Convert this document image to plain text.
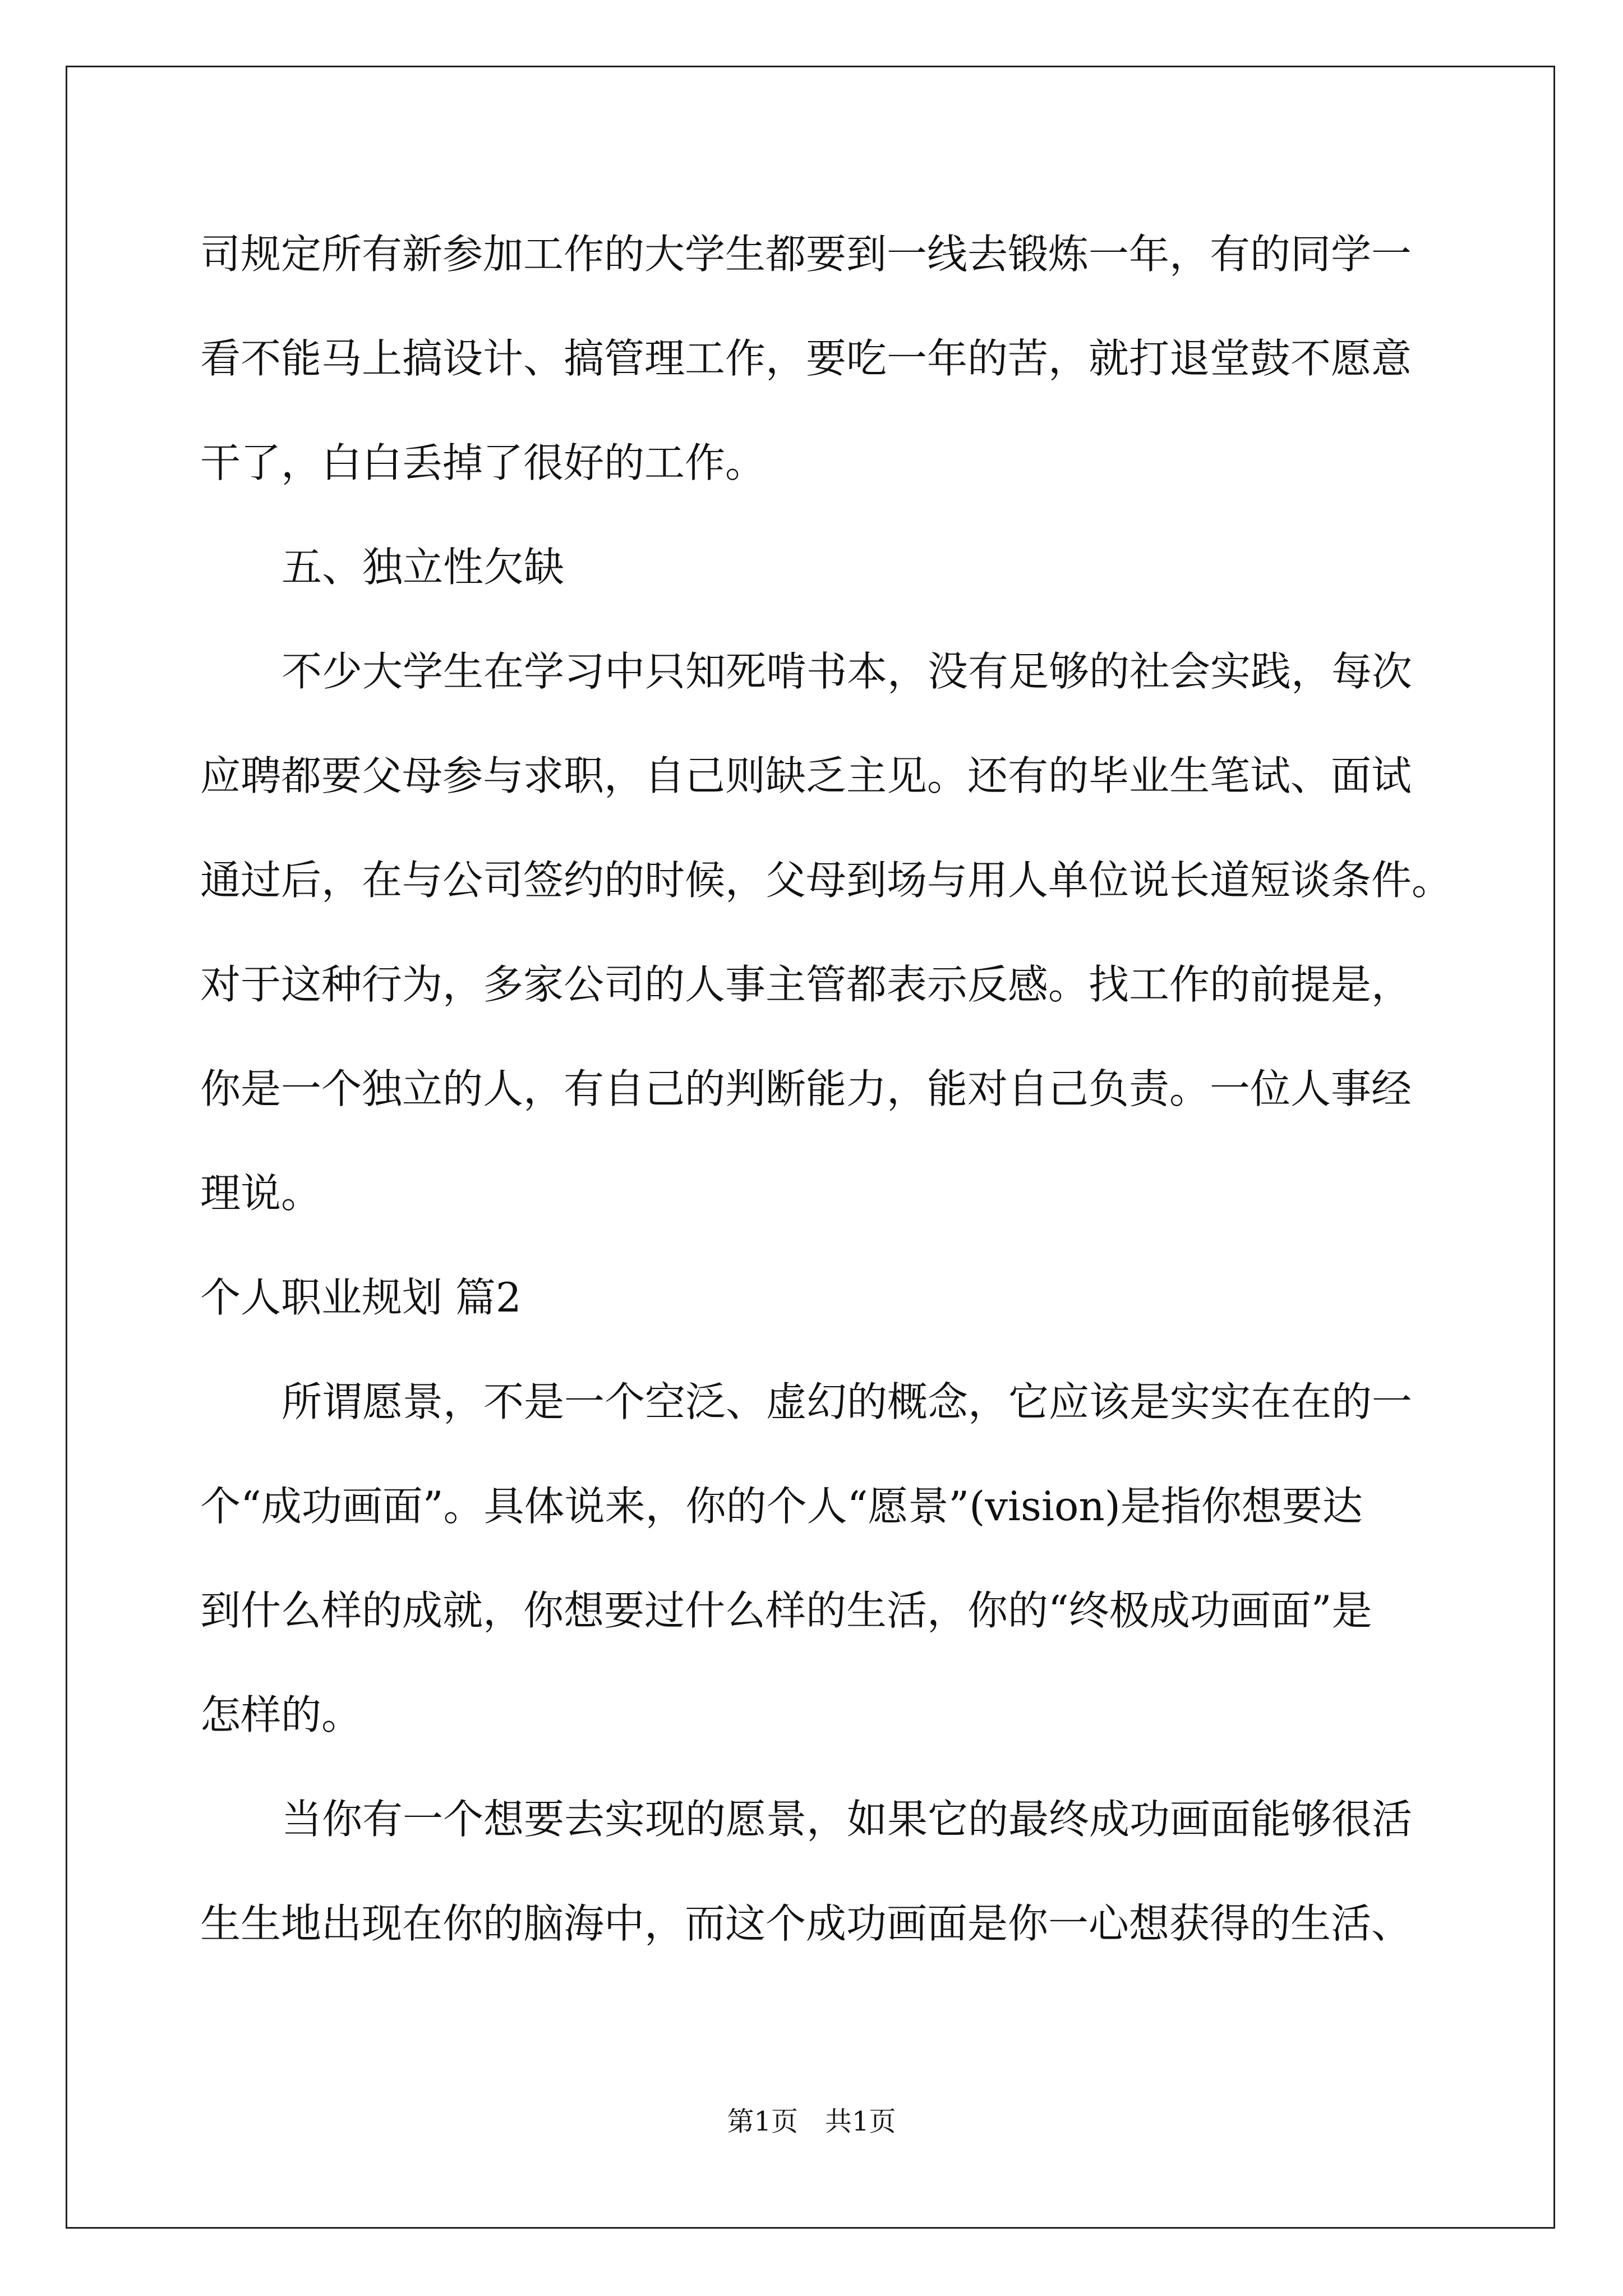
司规定所有新参加工作的大学生都要到一线去锻炼一年，有的同学一
看不能马上搞设计、搞管理工作，要吃一年的苦，就打退堂鼓不愿意
干了，白白丢掉了很好的工作。
五、独立性欠缺
不少大学生在学习中只知死啃书本，没有足够的社会实践，每次
应聘都要父母参与求职，自己则缺乏主见。还有的毕业生笔试、面试
通过后，在与公司签约的时候，父母到场与用人单位说长道短谈条件。
对于这种行为，多家公司的人事主管都表示反感。找工作的前提是，
你是一个独立的人，有自己的判断能力，能对自己负责。一位人事经
理说。
个人职业规划 篇2
所谓愿景，不是一个空泛、虚幻的概念，它应该是实实在在的一
个“成功画面”。具体说来，你的个人“愿景”(vision)是指你想要达
到什么样的成就，你想要过什么样的生活，你的“终极成功画面”是
怎样的。
当你有一个想要去实现的愿景，如果它的最终成功画面能够很活
生生地出现在你的脑海中，而这个成功画面是你一心想获得的生活、
第1页　共1页
